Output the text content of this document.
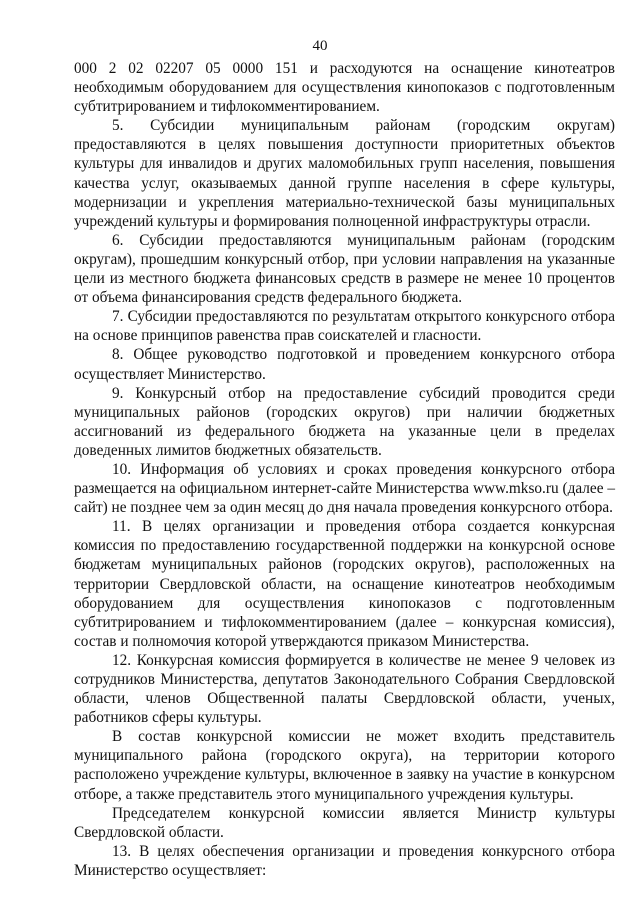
40

000 2 02 02207 05 0000 151 и расходуются на оснащение кинотеатров необходимым оборудованием для осуществления кинопоказов с подготовленным субтитрированием и тифлокомментированием.

5. Субсидии муниципальным районам (городским округам) предоставляются в целях повышения доступности приоритетных объектов культуры для инвалидов и других маломобильных групп населения, повышения качества услуг, оказываемых данной группе населения в сфере культуры, модернизации и укрепления материально-технической базы муниципальных учреждений культуры и формирования полноценной инфраструктуры отрасли.

6. Субсидии предоставляются муниципальным районам (городским округам), прошедшим конкурсный отбор, при условии направления на указанные цели из местного бюджета финансовых средств в размере не менее 10 процентов от объема финансирования средств федерального бюджета.

7. Субсидии предоставляются по результатам открытого конкурсного отбора на основе принципов равенства прав соискателей и гласности.

8. Общее руководство подготовкой и проведением конкурсного отбора осуществляет Министерство.

9. Конкурсный отбор на предоставление субсидий проводится среди муниципальных районов (городских округов) при наличии бюджетных ассигнований из федерального бюджета на указанные цели в пределах доведенных лимитов бюджетных обязательств.

10. Информация об условиях и сроках проведения конкурсного отбора размещается на официальном интернет-сайте Министерства www.mkso.ru (далее – сайт) не позднее чем за один месяц до дня начала проведения конкурсного отбора.

11. В целях организации и проведения отбора создается конкурсная комиссия по предоставлению государственной поддержки на конкурсной основе бюджетам муниципальных районов (городских округов), расположенных на территории Свердловской области, на оснащение кинотеатров необходимым оборудованием для осуществления кинопоказов с подготовленным субтитрированием и тифлокомментированием (далее – конкурсная комиссия), состав и полномочия которой утверждаются приказом Министерства.

12. Конкурсная комиссия формируется в количестве не менее 9 человек из сотрудников Министерства, депутатов Законодательного Собрания Свердловской области, членов Общественной палаты Свердловской области, ученых, работников сферы культуры.

В состав конкурсной комиссии не может входить представитель муниципального района (городского округа), на территории которого расположено учреждение культуры, включенное в заявку на участие в конкурсном отборе, а также представитель этого муниципального учреждения культуры.

Председателем конкурсной комиссии является Министр культуры Свердловской области.

13. В целях обеспечения организации и проведения конкурсного отбора Министерство осуществляет:
